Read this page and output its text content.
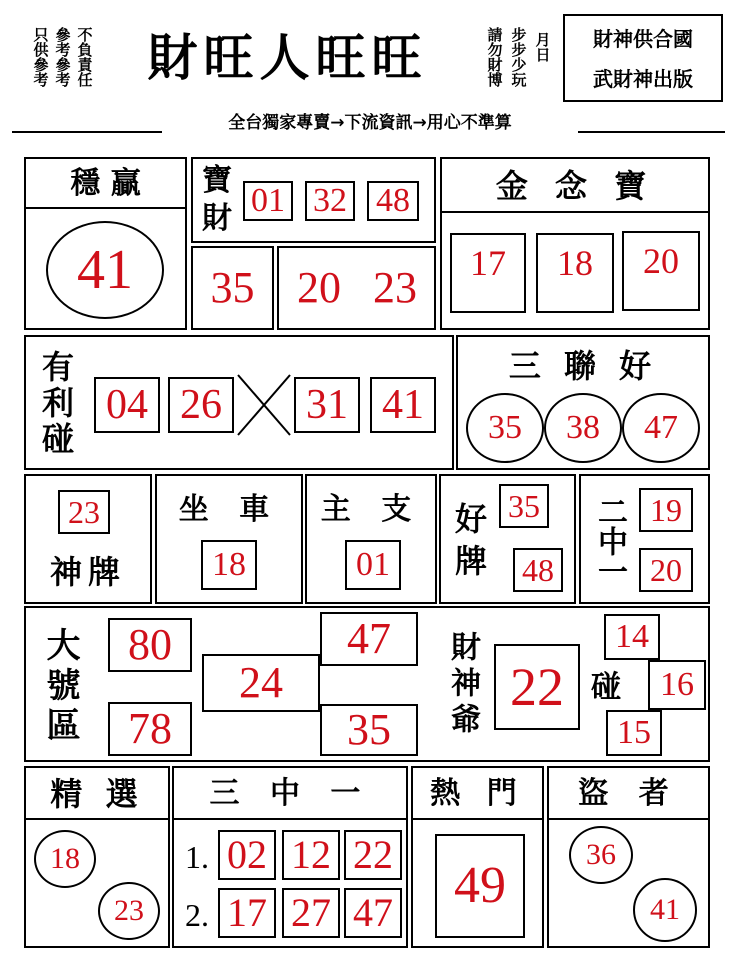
只供參考 參考參考 不負責任	財旺人旺旺	請勿財博 步步少玩 月日	財神供合國
武財神出版
全台獨家專賣→下流資訊→用心不準算
穩 贏
41
寶
財 01 32 48
35 20 23
金 念 寶
17	18	20
有利碰 04 26 31 41
三 聯 好
35	38	47
23
神牌
坐 車
18
主 支
01	好牌 35
48	二中一 19
20
大號區	80
78
24
47
35	財神爺 22 碰
14
16
15
精 選
18
23
三 中 一
1. 02 12 22
2. 17 27 47
熱 門
49
盜 者
36
41
